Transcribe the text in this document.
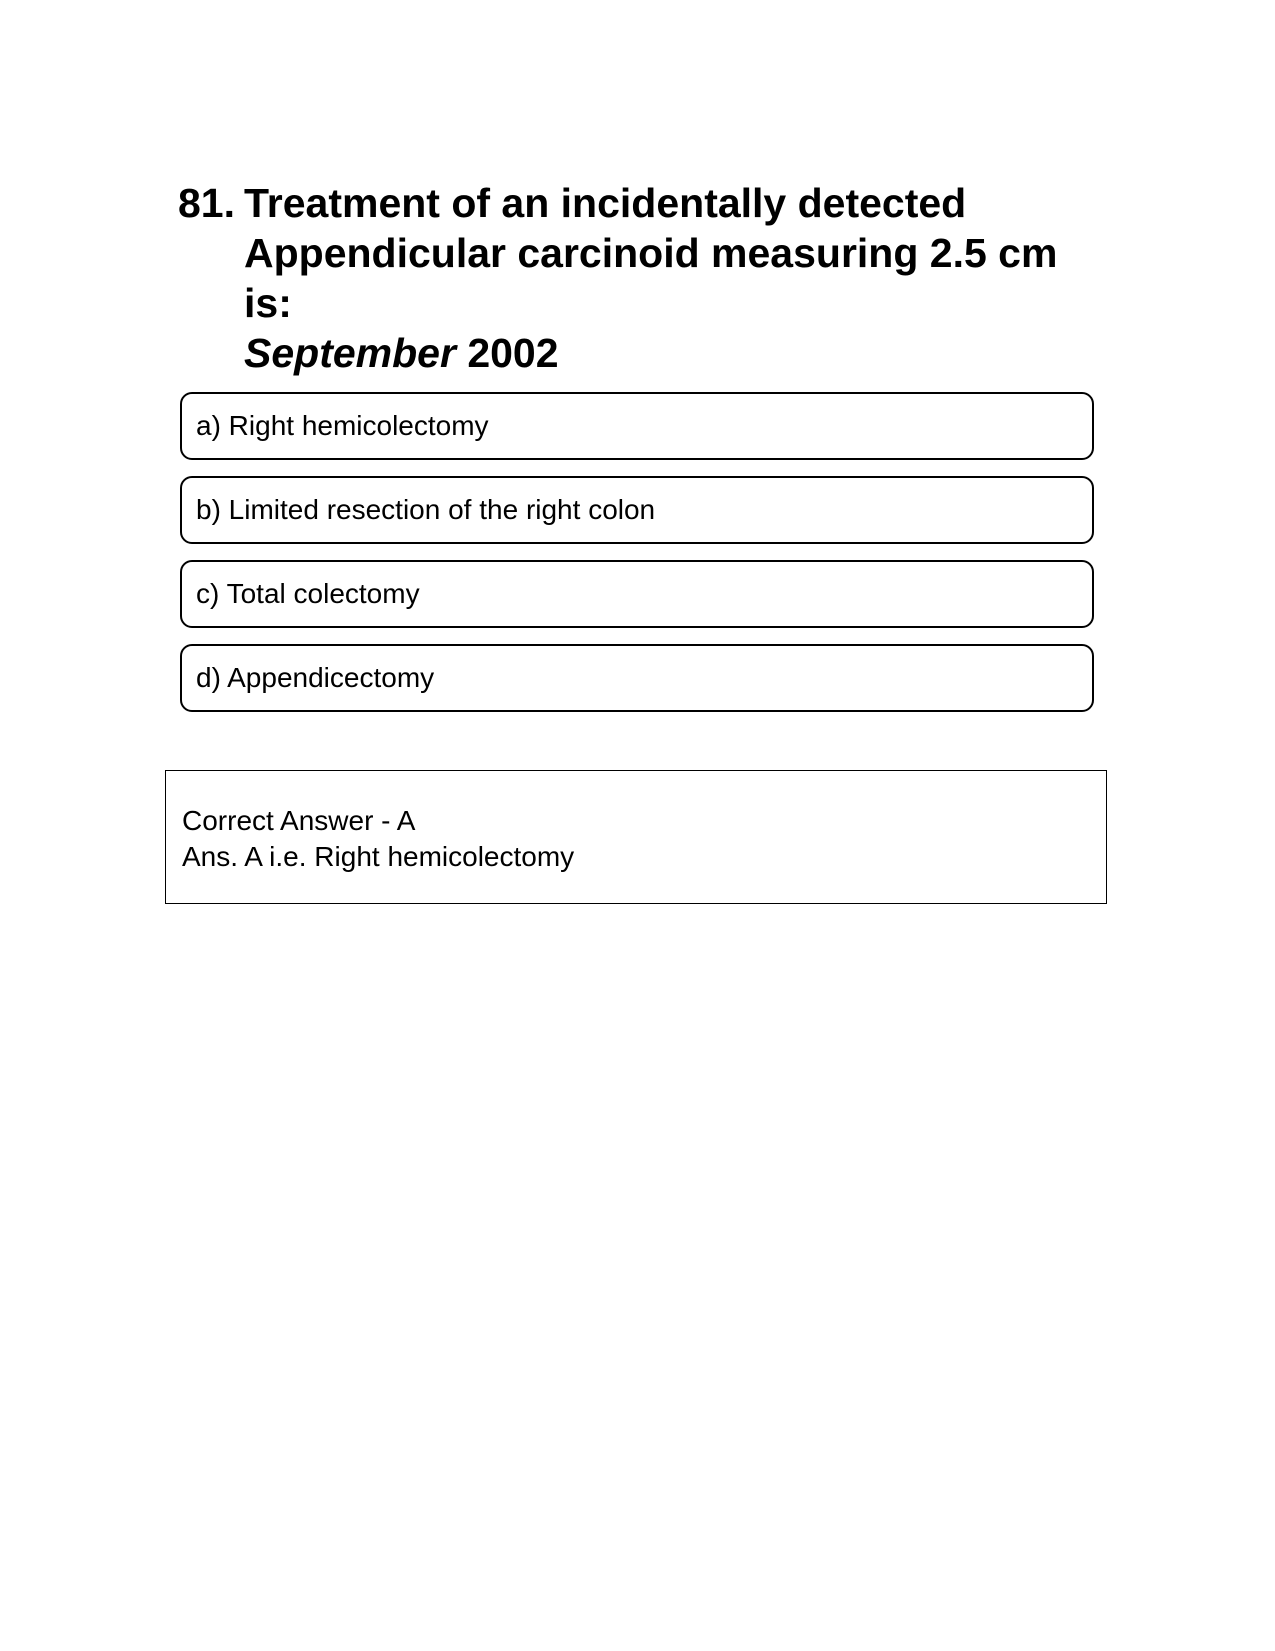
81. Treatment of an incidentally detected Appendicular carcinoid measuring 2.5 cm is:
September 2002
a) Right hemicolectomy
b) Limited resection of the right colon
c) Total colectomy
d) Appendicectomy
Correct Answer - A
Ans. A i.e. Right hemicolectomy
